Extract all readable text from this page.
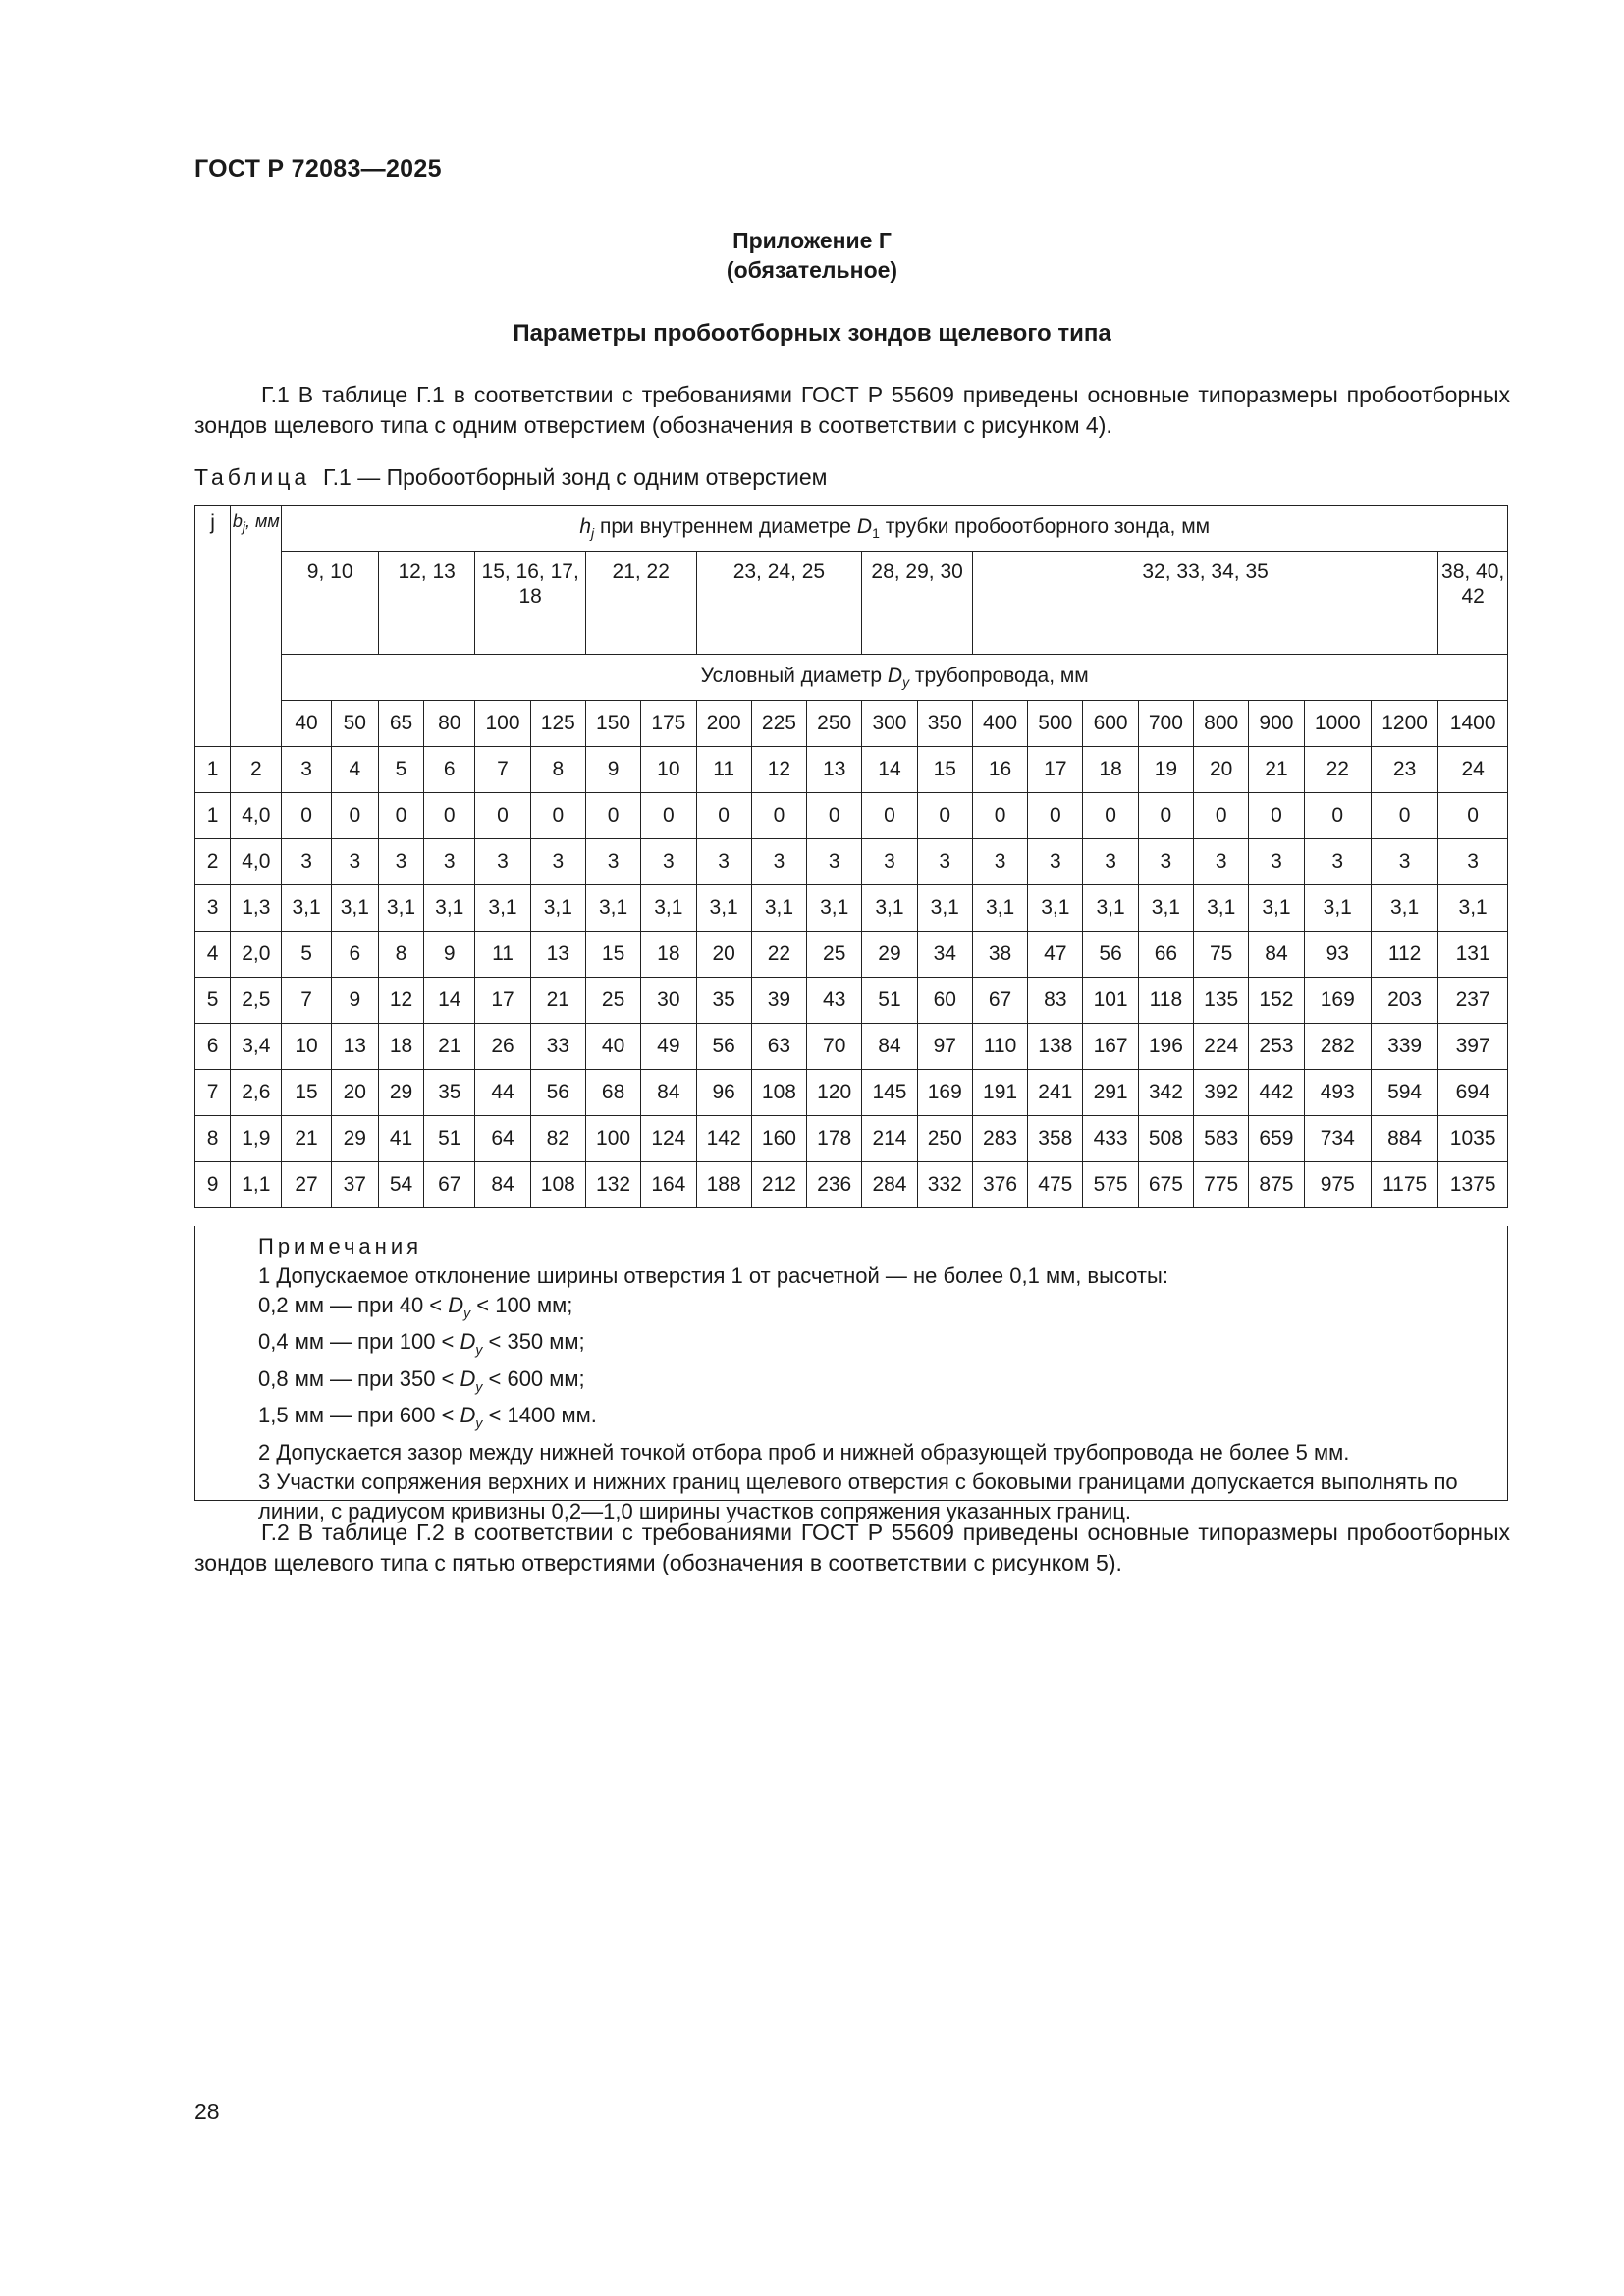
ГОСТ Р 72083—2025
Приложение Г
(обязательное)
Параметры пробоотборных зондов щелевого типа
Г.1 В таблице Г.1 в соответствии с требованиями ГОСТ Р 55609 приведены основные типоразмеры пробоотборных зондов щелевого типа с одним отверстием (обозначения в соответствии с рисунком 4).
Таблица Г.1 — Пробоотборный зонд с одним отверстием
j	$b_j$, мм	$h_j$ при внутреннем диаметре $D_1$ трубки пробоотборного зонда, мм																					
		9, 10		12, 13		15, 16, 17, 18		21, 22		23, 24, 25			28, 29, 30		32, 33, 34, 35								38, 40, 42
		Условный диаметр $D_y$ трубопровода, мм																					
		40	50	65	80	100	125	150	175	200	225	250	300	350	400	500	600	700	800	900	1000	1200	1400
1	2	3	4	5	6	7	8	9	10	11	12	13	14	15	16	17	18	19	20	21	22	23	24
1	4,0	0	0	0	0	0	0	0	0	0	0	0	0	0	0	0	0	0	0	0	0	0	0
2	4,0	3	3	3	3	3	3	3	3	3	3	3	3	3	3	3	3	3	3	3	3	3	3
3	1,3	3,1	3,1	3,1	3,1	3,1	3,1	3,1	3,1	3,1	3,1	3,1	3,1	3,1	3,1	3,1	3,1	3,1	3,1	3,1	3,1	3,1	3,1
4	2,0	5	6	8	9	11	13	15	18	20	22	25	29	34	38	47	56	66	75	84	93	112	131
5	2,5	7	9	12	14	17	21	25	30	35	39	43	51	60	67	83	101	118	135	152	169	203	237
6	3,4	10	13	18	21	26	33	40	49	56	63	70	84	97	110	138	167	196	224	253	282	339	397
7	2,6	15	20	29	35	44	56	68	84	96	108	120	145	169	191	241	291	342	392	442	493	594	694
8	1,9	21	29	41	51	64	82	100	124	142	160	178	214	250	283	358	433	508	583	659	734	884	1035
9	1,1	27	37	54	67	84	108	132	164	188	212	236	284	332	376	475	575	675	775	875	975	1175	1375
Примечания
1 Допускаемое отклонение ширины отверстия 1 от расчетной — не более 0,1 мм, высоты:
0,2 мм — при $40 < D_y < 100$ мм;
0,4 мм — при $100 < D_y < 350$ мм;
0,8 мм — при $350 < D_y < 600$ мм;
1,5 мм — при $600 < D_y < 1400$ мм.
2 Допускается зазор между нижней точкой отбора проб и нижней образующей трубопровода не более 5 мм.
3 Участки сопряжения верхних и нижних границ щелевого отверстия с боковыми границами допускается выполнять по линии, с радиусом кривизны 0,2—1,0 ширины участков сопряжения указанных границ.
Г.2 В таблице Г.2 в соответствии с требованиями ГОСТ Р 55609 приведены основные типоразмеры пробоотборных зондов щелевого типа с пятью отверстиями (обозначения в соответствии с рисунком 5).
28
